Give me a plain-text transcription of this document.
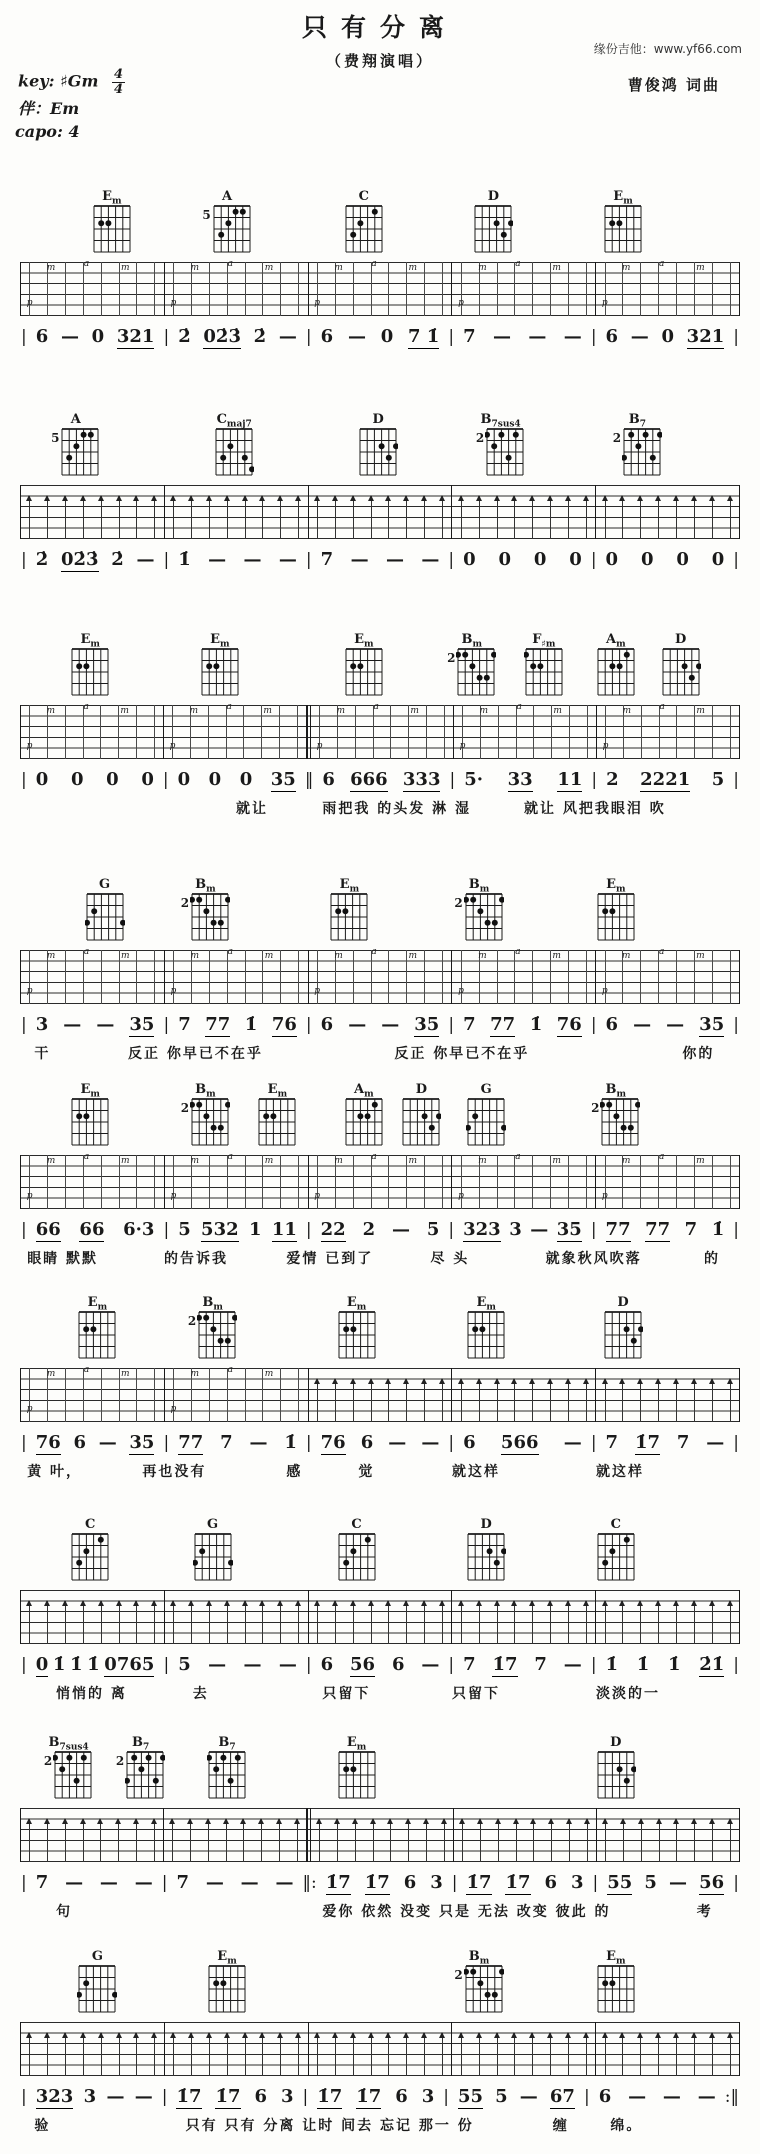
只有分离
（费翔演唱）
缘份吉他：www.yf66.com
曹俊鸿 词曲
key: ♯Gm $\frac{4}{4}$
伴：Em
capo: 4
$E_m$	A
5
C	D	$E_m$
p
m	a	m
p
m	a	m
p
m	a	m
p
m	a	m
p
m	a	m
| 6 — 0 321 | 2̇ 02̇3̇ 2̇ — | 6 — 0 7 1̇ | 7 — — — | 6 — 0 321 |
A
5
$C_{maj7}$	D	$B_{7sus4}$
2
$B_7$
2
| 2̇ 02̇3̇ 2̇ — | 1̇ — — — | 7 — — — | 0 0 0 0 | 0 0 0 0 |
$E_m$	$E_m$	$E_m$	$B_m$
2
$F_{♯m}$	$A_m$	D
p
m	a	m
p
m	a	m
p
m	a	m
p
m	a	m
p
m	a	m
| 0 0 0 0 | 0 0 0 35 ‖ 6 666 333 | 5· 33 11 | 2 2221 5 |
就让	雨把我 的头发 淋 湿	就让 风把我眼泪 吹
G	$B_m$
2
$E_m$	$B_m$
2
$E_m$
p
m	a	m
p
m	a	m
p
m	a	m
p
m	a	m
p
m	a	m
| 3 — — 35 | 7 77 1̇ 76 | 6 — — 35 | 7 77 1̇ 76 | 6 — — 35 |
干	反正 你早已不在乎	反正 你早已不在乎	你的
$E_m$	$B_m$
2
$E_m$	$A_m$	D	G	$B_m$
2
p
m	a	m
p
m	a	m
p
m	a	m
p
m	a	m
p
m	a	m
| 66 66 6·3 | 5 532 1 11 | 22 2 — 5 | 323 3 — 35 | 77 77 7 1̇ |
眼睛 默默	的告诉我	爱情 已到了	尽 头	就象秋风吹落	的
$E_m$	$B_m$
2
$E_m$	$E_m$	D
p
m	a	m
p
m	a	m
| 76 6 — 35 | 77 7 — 1̇ | 76 6 — — | 6 566 — | 7 1̇7 7 — |
黄 叶，	再也没有	感	觉	就这样	就这样
C	G	C	D	C
| 0 1̇ 1̇ 1̇ 0765 | 5 — — — | 6 56 6 — | 7 1̇7 7 — | 1̇ 1̇ 1̇ 2̇1̇ |
悄悄的 离	去	只留下	只留下	淡淡的一
$B_{7sus4}$
2
$B_7$
2
$B_7$	$E_m$	D
| 7 — — — | 7 — — — ‖: 1̇7 1̇7 6 3 | 1̇7 1̇7 6 3 | 55 5 — 56 |
句	爱你 依然 没变 只是 无法 改变 彼此 的	考
G	$E_m$	$B_m$
2
$E_m$
| 323 3 — — | 1̇7 1̇7 6 3 | 1̇7 1̇7 6 3 | 55 5 — 67 | 6 — — — :‖
验	只有 只有 分离 让时 间去 忘记 那一 份	缠	绵。
